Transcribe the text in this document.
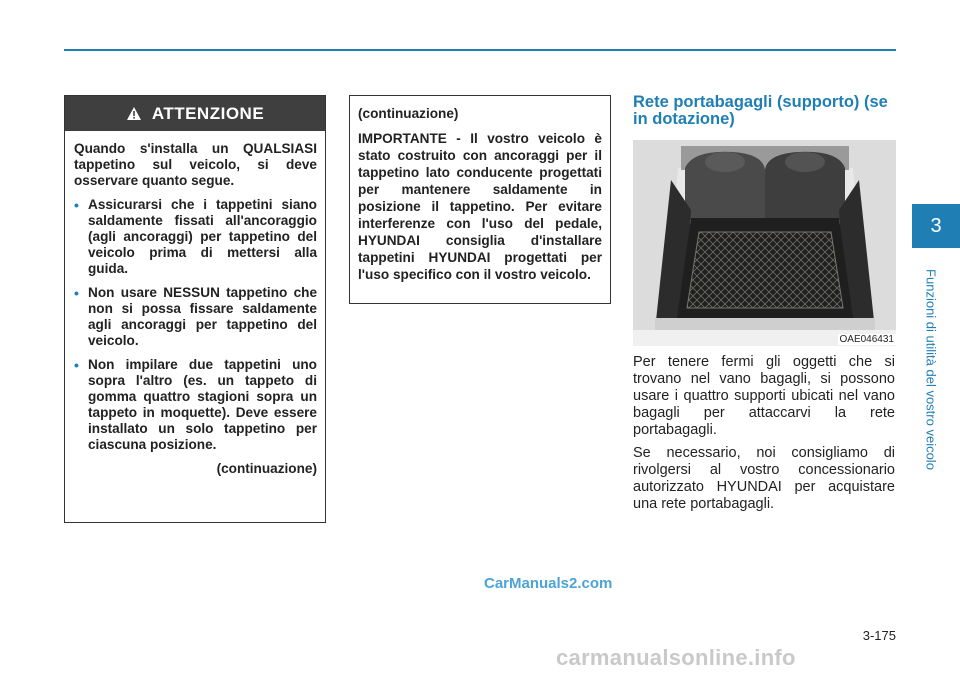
ATTENZIONE

Quando s'installa un QUALSIASI tappetino sul veicolo, si deve osservare quanto segue.

• Assicurarsi che i tappetini siano saldamente fissati all'ancoraggio (agli ancoraggi) per tappetino del veicolo prima di mettersi alla guida.
• Non usare NESSUN tappetino che non si possa fissare saldamente agli ancoraggi per tappetino del veicolo.
• Non impilare due tappetini uno sopra l'altro (es. un tappeto di gomma quattro stagioni sopra un tappeto in moquette). Deve essere installato un solo tappetino per ciascuna posizione.
(continuazione)

(continuazione)

IMPORTANTE - Il vostro veicolo è stato costruito con ancoraggi per il tappetino lato conducente progettati per mantenere saldamente in posizione il tappetino. Per evitare interferenze con l'uso del pedale, HYUNDAI consiglia d'installare tappetini HYUNDAI progettati per l'uso specifico con il vostro veicolo.

Rete portabagagli (supporto) (se in dotazione)
OAE046431

Per tenere fermi gli oggetti che si trovano nel vano bagagli, si possono usare i quattro supporti ubicati nel vano bagagli per attaccarvi la rete portabagagli.

Se necessario, noi consigliamo di rivolgersi al vostro concessionario autorizzato HYUNDAI per acquistare una rete portabagagli.

3
Funzioni di utilità del vostro veicolo
3-175
CarManuals2.com
carmanualsonline.info
